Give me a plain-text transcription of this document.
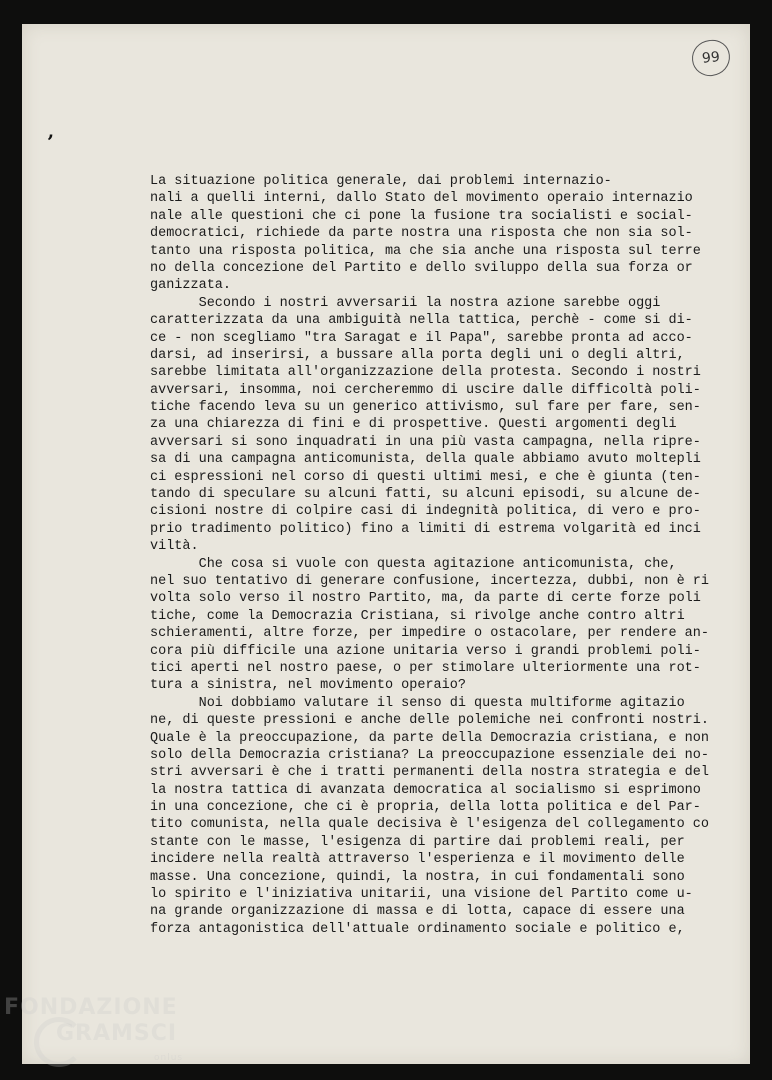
99
’
La situazione politica generale, dai problemi internazio-
nali a quelli interni, dallo Stato del movimento operaio internazio
nale alle questioni che ci pone la fusione tra socialisti e social-
democratici, richiede da parte nostra una risposta che non sia sol-
tanto una risposta politica, ma che sia anche una risposta sul terre
no della concezione del Partito e dello sviluppo della sua forza or
ganizzata.
Secondo i nostri avversarii la nostra azione sarebbe oggi
caratterizzata da una ambiguità nella tattica, perchè - come si di-
ce - non scegliamo "tra Saragat e il Papa", sarebbe pronta ad acco-
darsi, ad inserirsi, a bussare alla porta degli uni o degli altri,
sarebbe limitata all'organizzazione della protesta. Secondo i nostri
avversari, insomma, noi cercheremmo di uscire dalle difficoltà poli-
tiche facendo leva su un generico attivismo, sul fare per fare, sen-
za una chiarezza di fini e di prospettive. Questi argomenti degli
avversari si sono inquadrati in una più vasta campagna, nella ripre-
sa di una campagna anticomunista, della quale abbiamo avuto moltepli
ci espressioni nel corso di questi ultimi mesi, e che è giunta (ten-
tando di speculare su alcuni fatti, su alcuni episodi, su alcune de-
cisioni nostre di colpire casi di indegnità politica, di vero e pro-
prio tradimento politico) fino a limiti di estrema volgarità ed inci
viltà.
Che cosa si vuole con questa agitazione anticomunista, che,
nel suo tentativo di generare confusione, incertezza, dubbi, non è ri
volta solo verso il nostro Partito, ma, da parte di certe forze poli
tiche, come la Democrazia Cristiana, si rivolge anche contro altri
schieramenti, altre forze, per impedire o ostacolare, per rendere an-
cora più difficile una azione unitaria verso i grandi problemi poli-
tici aperti nel nostro paese, o per stimolare ulteriormente una rot-
tura a sinistra, nel movimento operaio?
Noi dobbiamo valutare il senso di questa multiforme agitazio
ne, di queste pressioni e anche delle polemiche nei confronti nostri.
Quale è la preoccupazione, da parte della Democrazia cristiana, e non
solo della Democrazia cristiana? La preoccupazione essenziale dei no-
stri avversari è che i tratti permanenti della nostra strategia e del
la nostra tattica di avanzata democratica al socialismo si esprimono
in una concezione, che ci è propria, della lotta politica e del Par-
tito comunista, nella quale decisiva è l'esigenza del collegamento co
stante con le masse, l'esigenza di partire dai problemi reali, per
incidere nella realtà attraverso l'esperienza e il movimento delle
masse. Una concezione, quindi, la nostra, in cui fondamentali sono
lo spirito e l'iniziativa unitarii, una visione del Partito come u-
na grande organizzazione di massa e di lotta, capace di essere una
forza antagonistica dell'attuale ordinamento sociale e politico e,
FONDAZIONE
GRAMSCI
onlus
